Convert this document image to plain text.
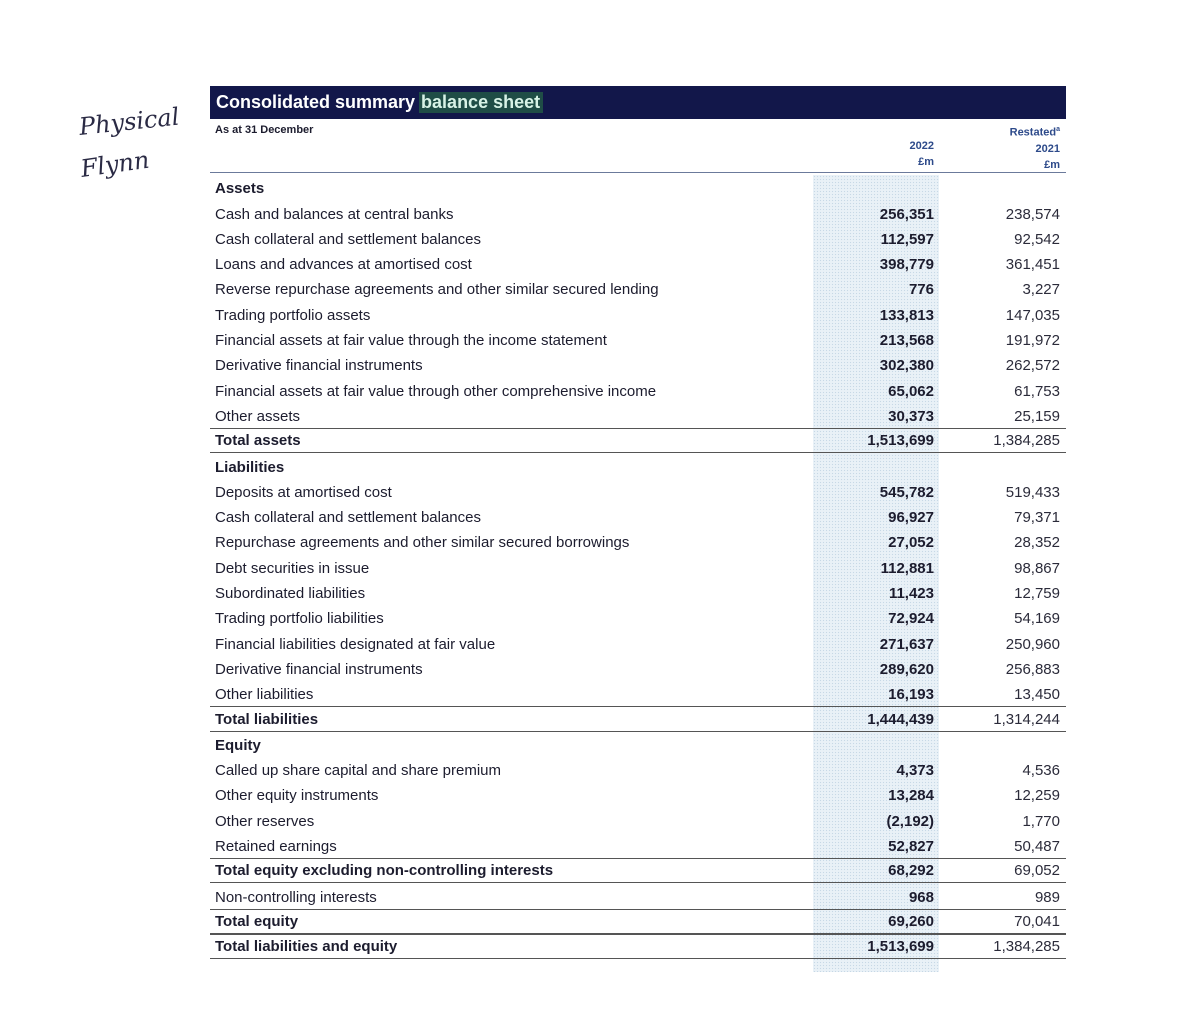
Physical
Flynn
Consolidated summary balance sheet
As at 31 December
2022
£m
Restated$^a$
2021
£m
Assets
Cash and balances at central banks	256,351	238,574
Cash collateral and settlement balances	112,597	92,542
Loans and advances at amortised cost	398,779	361,451
Reverse repurchase agreements and other similar secured lending	776	3,227
Trading portfolio assets	133,813	147,035
Financial assets at fair value through the income statement	213,568	191,972
Derivative financial instruments	302,380	262,572
Financial assets at fair value through other comprehensive income	65,062	61,753
Other assets	30,373	25,159
Total assets	1,513,699	1,384,285
Liabilities
Deposits at amortised cost	545,782	519,433
Cash collateral and settlement balances	96,927	79,371
Repurchase agreements and other similar secured borrowings	27,052	28,352
Debt securities in issue	112,881	98,867
Subordinated liabilities	11,423	12,759
Trading portfolio liabilities	72,924	54,169
Financial liabilities designated at fair value	271,637	250,960
Derivative financial instruments	289,620	256,883
Other liabilities	16,193	13,450
Total liabilities	1,444,439	1,314,244
Equity
Called up share capital and share premium	4,373	4,536
Other equity instruments	13,284	12,259
Other reserves	(2,192)	1,770
Retained earnings	52,827	50,487
Total equity excluding non-controlling interests	68,292	69,052
Non-controlling interests	968	989
Total equity	69,260	70,041
Total liabilities and equity	1,513,699	1,384,285
